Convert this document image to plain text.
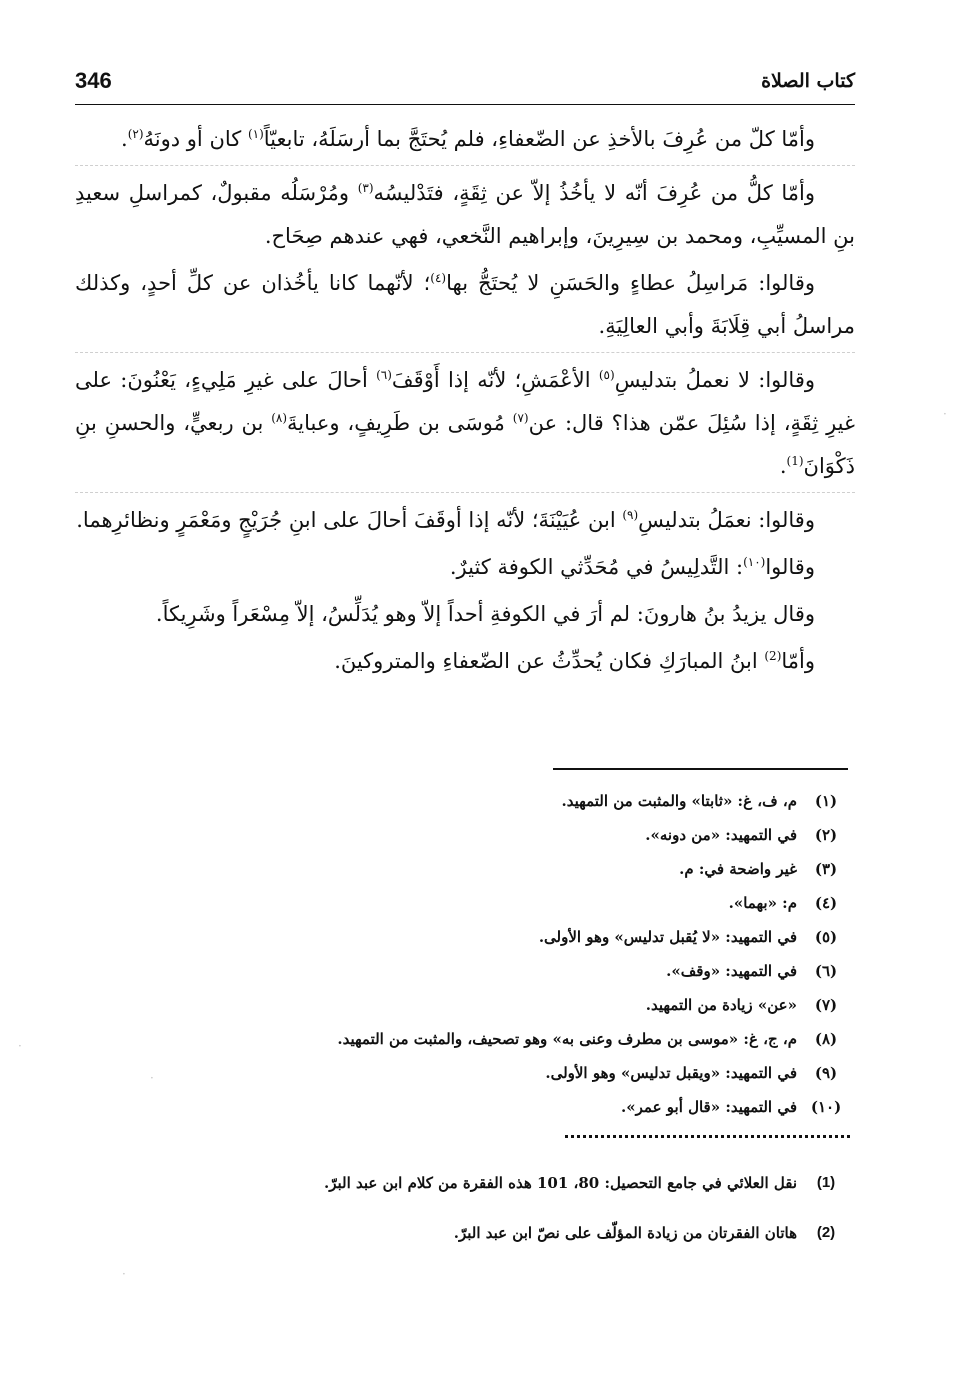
346	كتاب الصلاة

وأمّا كلّ من عُرِفَ بالأخذِ عن الضّعفاءِ، فلم يُحتَجَّ بما أرسَلَهُ، تابعيّاً$^{(١)}$ كان أو دونَهُ$^{(٢)}$.

وأمّا كلُّ من عُرِفَ أنّه لا يأخُذُ إلاّ عن ثِقَةٍ، فتَدْليسُه$^{(٣)}$ ومُرْسَلُه مقبولٌ، كمراسلِ سعيدِ بنِ المسيِّبِ، ومحمد بن سِيرِينَ، وإبراهيم النَّخعي، فهي عندهم صِحَاح.

وقالوا: مَراسِلُ عطاءٍ والحَسَنِ لا يُحتَجُّ بها$^{(٤)}$؛ لأنّهما كانا يأخُذان عن كلِّ أحدٍ، وكذلك مراسلُ أبي قِلَابَةَ وأبي العالِيَةِ.

وقالوا: لا نعملُ بتدليسِ$^{(٥)}$ الأعْمَشِ؛ لأنّه إذا أَوْقَفَ$^{(٦)}$ أحالَ على غيرِ مَلِيءٍ، يَعْنُونَ: على غيرِ ثِقَةٍ، إذا سُئِلَ عمّن هذا؟ قال: عن$^{(٧)}$ مُوسَى بن طَرِيفٍ، وعبايةَ$^{(٨)}$ بن ربعيٍّ، والحسنِ بنِ ذَكْوَانَ$^{(1)}$.

وقالوا: نعمَلُ بتدليسِ$^{(٩)}$ ابن عُيَيْنَةَ؛ لأنّه إذا أوقَفَ أحالَ على ابنِ جُرَيْجٍ ومَعْمَرٍ ونظائرِهما.

وقالوا$^{(١٠)}$: التَّدلِيسُ في مُحَدِّثي الكوفة كثيرٌ.

وقال يزيدُ بنُ هارونَ: لم أرَ في الكوفةِ أحداً إلاّ وهو يُدَلِّسُ، إلاّ مِسْعَراً وشَرِيكاً.

وأمّا$^{(2)}$ ابنُ المبارَكِ فكان يُحدِّثُ عن الضّعفاءِ والمتروكينَ.

(١)
م، ف، غ: «ثابتا» والمثبت من التمهيد.
(٢)
في التمهيد: «من دونه».
(٣)
غير واضحة في: م.
(٤)
م: «بهما».
(٥)
في التمهيد: «لا يُقبل تدليس» وهو الأولى.
(٦)
في التمهيد: «وقف».
(٧)
«عن» زيادة من التمهيد.
(٨)
م، ج، غ: «موسى بن مطرف وعنى به» وهو تصحيف، والمثبت من التمهيد.
(٩)
في التمهيد: «ويقبل تدليس» وهو الأولى.
(١٠)
في التمهيد: «قال أبو عمر».
(1)
نقل العلائي في جامع التحصيل: 80، 101 هذه الفقرة من كلام ابن عبد البرّ.
(2)
هاتان الفقرتان من زيادة المؤلّف على نصّ ابن عبد البرّ.
·
·
·
·
